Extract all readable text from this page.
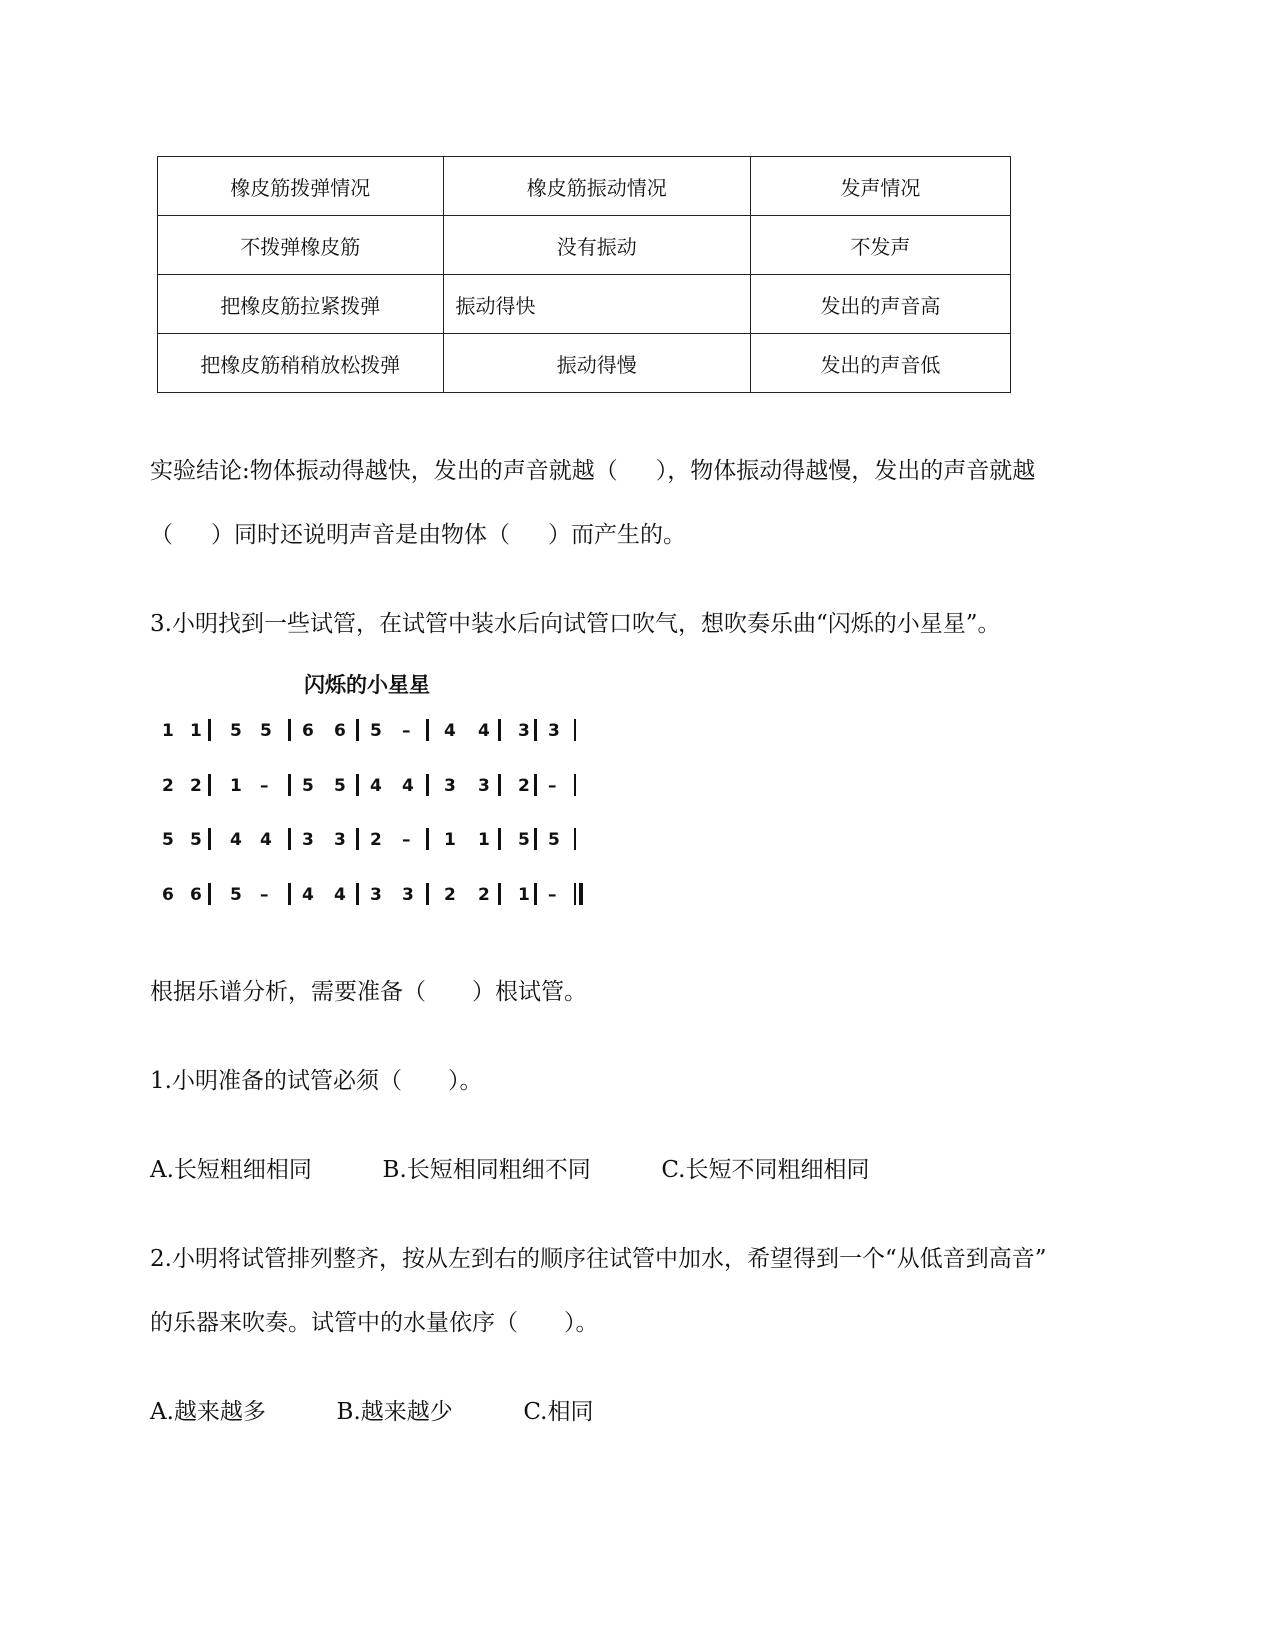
橡皮筋拨弹情况	橡皮筋振动情况	发声情况
不拨弹橡皮筋	没有振动	不发声
把橡皮筋拉紧拨弹	振动得快	发出的声音高
把橡皮筋稍稍放松拨弹	振动得慢	发出的声音低
实验结论:物体振动得越快，发出的声音就越（ ），物体振动得越慢，发出的声音就越
（ ）同时还说明声音是由物体（ ）而产生的。
3.小明找到一些试管，在试管中装水后向试管口吹气，想吹奏乐曲“闪烁的小星星”。
闪烁的小星星
1 1 5 5 6 6 5 – 4 4 3 3
2 2 1 – 5 5 4 4 3 3 2 –
5 5 4 4 3 3 2 – 1 1 5 5
6 6 5 – 4 4 3 3 2 2 1 –
根据乐谱分析，需要准备（　　）根试管。
1.小明准备的试管必须（　　）。
A.长短粗细相同	B.长短相同粗细不同	C.长短不同粗细相同
2.小明将试管排列整齐，按从左到右的顺序往试管中加水，希望得到一个“从低音到高音”
的乐器来吹奏。试管中的水量依序（　　）。
A.越来越多	B.越来越少	C.相同
